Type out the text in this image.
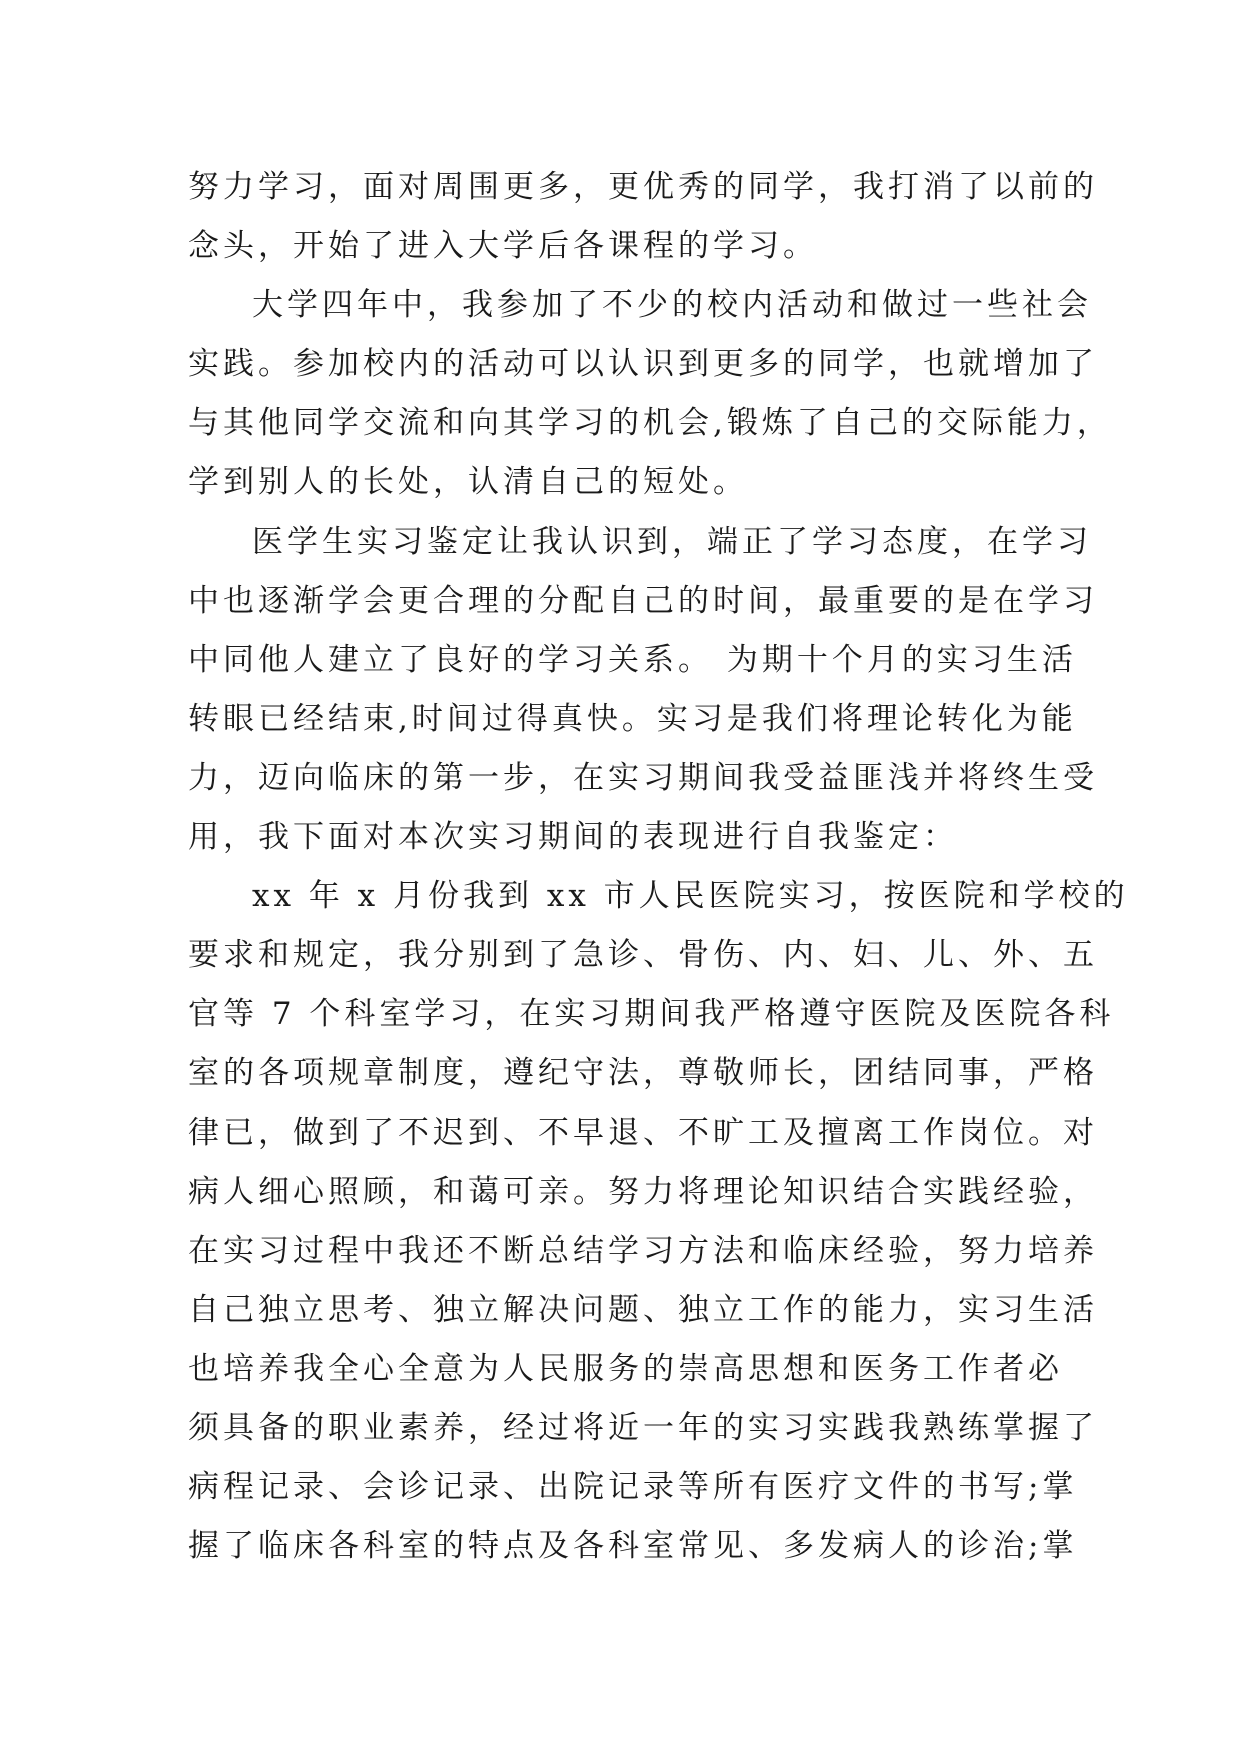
努力学习，面对周围更多，更优秀的同学，我打消了以前的
念头，开始了进入大学后各课程的学习。
大学四年中，我参加了不少的校内活动和做过一些社会
实践。参加校内的活动可以认识到更多的同学，也就增加了
与其他同学交流和向其学习的机会,锻炼了自己的交际能力，
学到别人的长处，认清自己的短处。
医学生实习鉴定让我认识到，端正了学习态度，在学习
中也逐渐学会更合理的分配自己的时间，最重要的是在学习
中同他人建立了良好的学习关系。 为期十个月的实习生活
转眼已经结束,时间过得真快。实习是我们将理论转化为能
力，迈向临床的第一步，在实习期间我受益匪浅并将终生受
用，我下面对本次实习期间的表现进行自我鉴定：
xx 年 x 月份我到 xx 市人民医院实习，按医院和学校的
要求和规定，我分别到了急诊、骨伤、内、妇、儿、外、五
官等 7 个科室学习，在实习期间我严格遵守医院及医院各科
室的各项规章制度，遵纪守法，尊敬师长，团结同事，严格
律已，做到了不迟到、不早退、不旷工及擅离工作岗位。对
病人细心照顾，和蔼可亲。努力将理论知识结合实践经验，
在实习过程中我还不断总结学习方法和临床经验，努力培养
自己独立思考、独立解决问题、独立工作的能力，实习生活
也培养我全心全意为人民服务的崇高思想和医务工作者必
须具备的职业素养，经过将近一年的实习实践我熟练掌握了
病程记录、会诊记录、出院记录等所有医疗文件的书写;掌
握了临床各科室的特点及各科室常见、多发病人的诊治;掌
